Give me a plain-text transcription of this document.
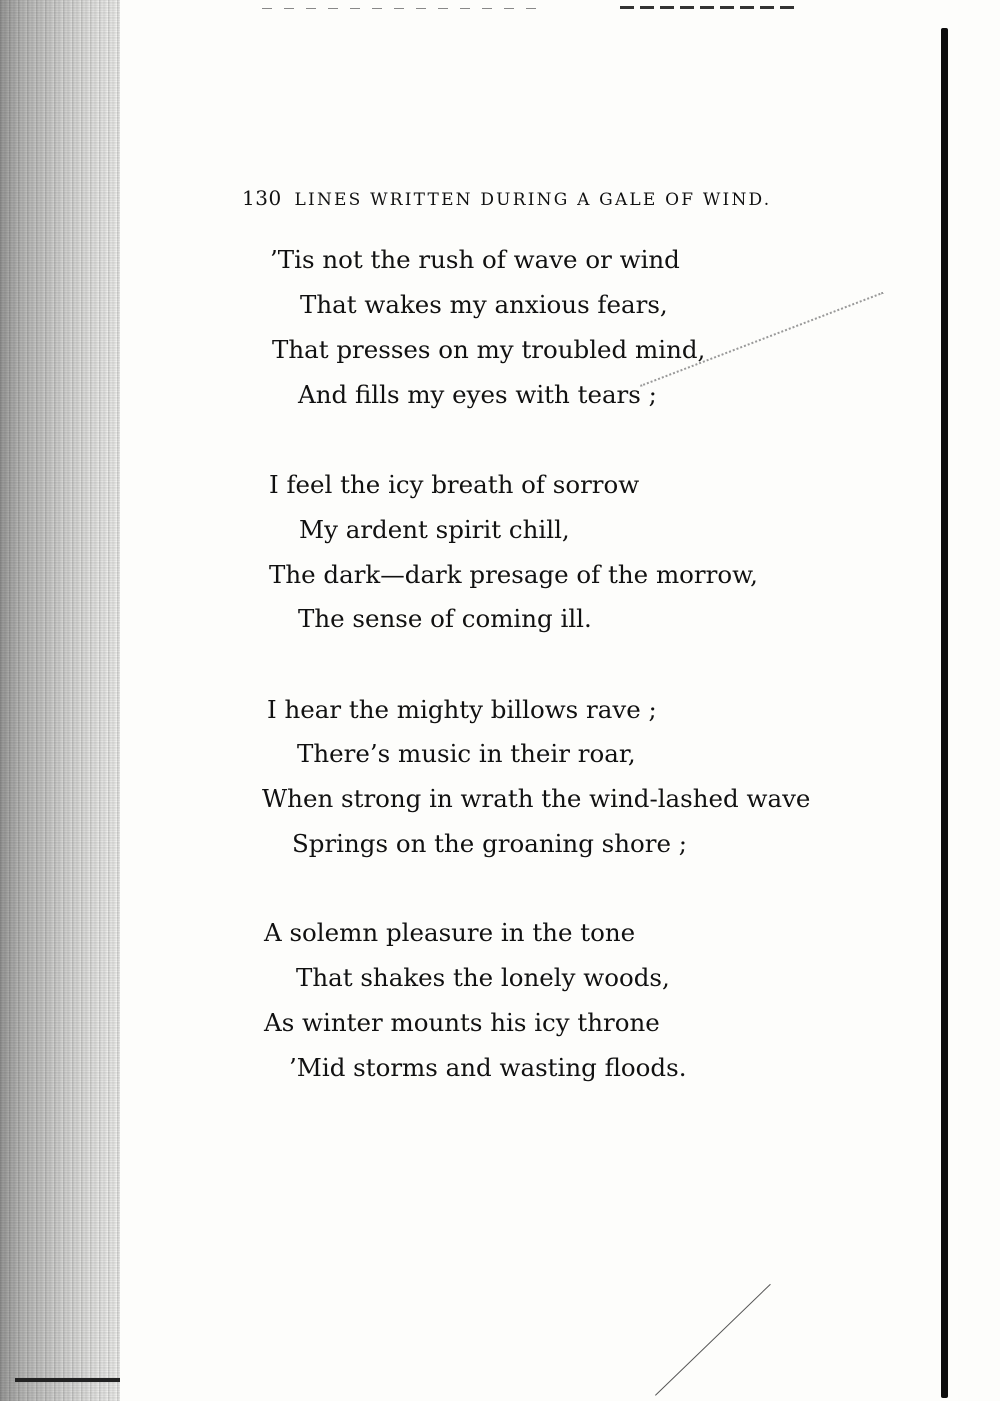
130 LINES WRITTEN DURING A GALE OF WIND.
’Tis not the rush of wave or wind
That wakes my anxious fears,
That presses on my troubled mind,
And fills my eyes with tears ;
I feel the icy breath of sorrow
My ardent spirit chill,
The dark—dark presage of the morrow,
The sense of coming ill.
I hear the mighty billows rave ;
There’s music in their roar,
When strong in wrath the wind-lashed wave
Springs on the groaning shore ;
A solemn pleasure in the tone
That shakes the lonely woods,
As winter mounts his icy throne
’Mid storms and wasting floods.
